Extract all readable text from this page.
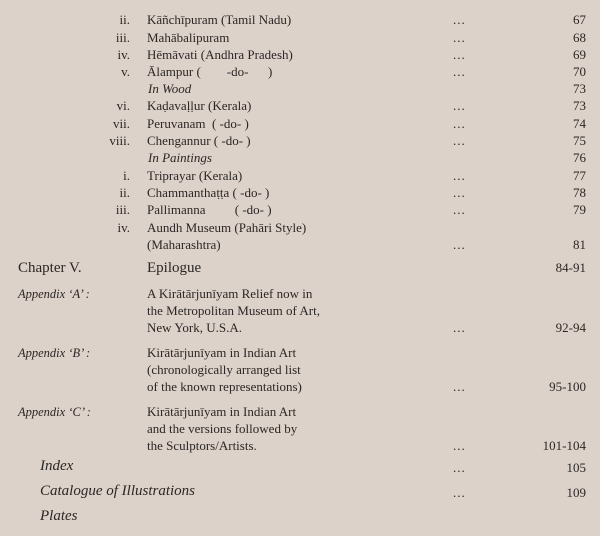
ii. Kāñchīpuram (Tamil Nadu)	...	67
iii. Mahābalipuram	...	68
iv. Hēmāvati (Andhra Pradesh)	...	69
v. Ālampur (        -do-      )	...	70
In Wood	73
vi. Kaḍavaḷḷur (Kerala)	...	73
vii. Peruvanam  ( -do- )	...	74
viii. Chengannur ( -do- )	...	75
In Paintings	76
i. Triprayar (Kerala)	...	77
ii. Chammanthaṭṭa ( -do- )	...	78
iii. Pallimanna         ( -do- )	...	79
iv. Aundh Museum (Pahāri Style)
(Maharashtra)	...	81
Chapter V.	Epilogue	84-91
Appendix ‘A’ :	A Kirātārjunīyam Relief now in
the Metropolitan Museum of Art,
New York, U.S.A.	...	92-94
Appendix ‘B’ :	Kirātārjunīyam in Indian Art
(chronologically arranged list
of the known representations)	...	95-100
Appendix ‘C’ :	Kirātārjunīyam in Indian Art
and the versions followed by
the Sculptors/Artists.	...	101-104
Index	...	105
Catalogue of Illustrations	...	109
Plates
